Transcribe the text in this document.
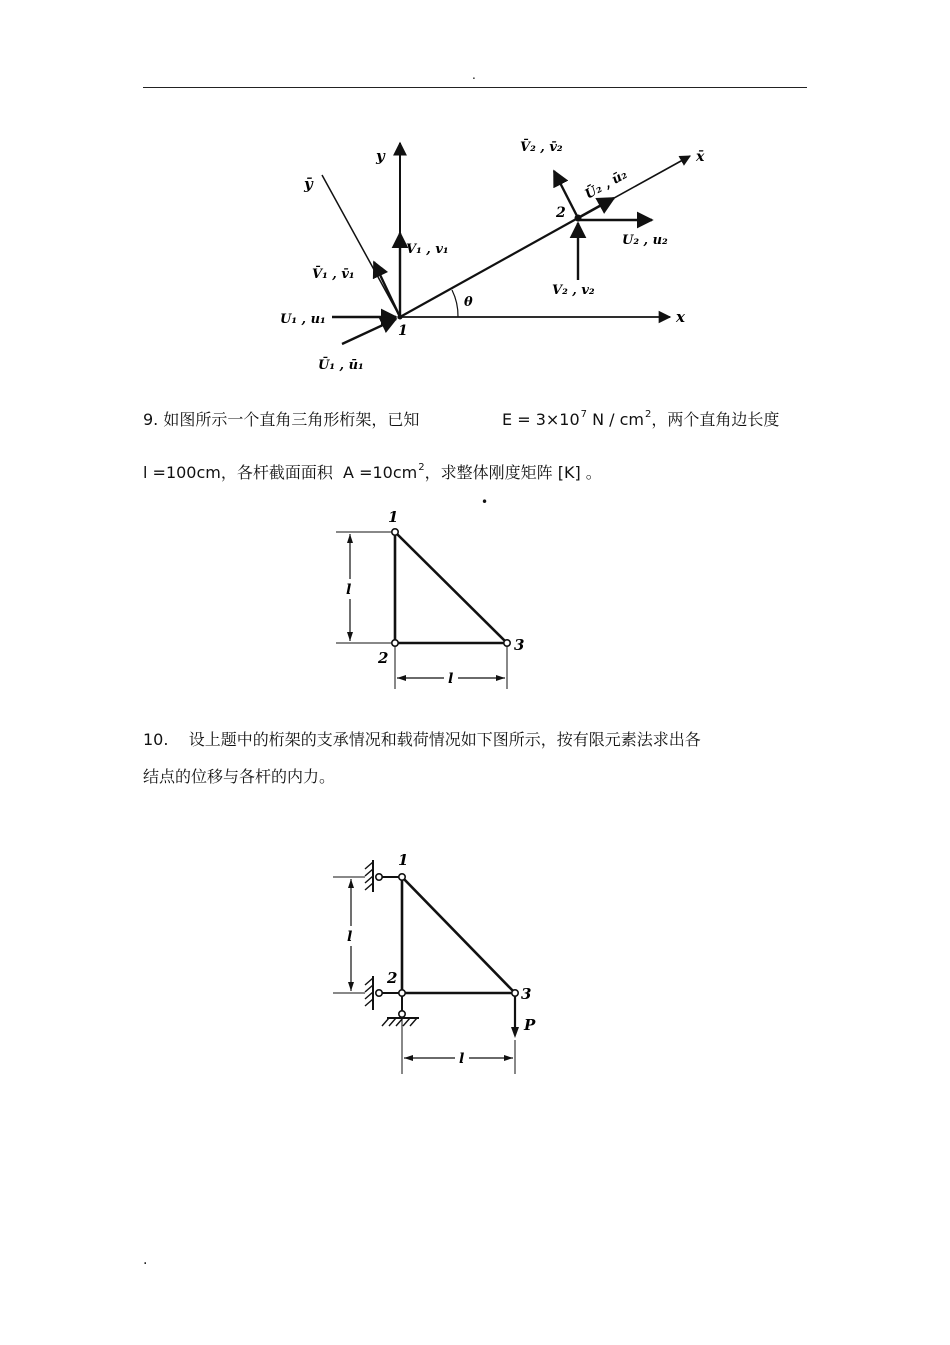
.
y
ȳ
x̄
x
V₁ , v₁
V̄₁ , v̄₁
U₁ , u₁
Ū₁ , ū₁
1
θ
V̄₂ , v̄₂
Ū₂ , ū₂
2
U₂ , u₂
V₂ , v₂
9. 如图所示一个直角三角形桁架，已知	$E = 3\times 10^7$ N / $cm^2$，两个直角边长度
l =100cm，各杆截面面积 $A =10cm^2$，求整体刚度矩阵 [K] 。
•
l
l
1
2
3
10. 设上题中的桁架的支承情况和载荷情况如下图所示，按有限元素法求出各
结点的位移与各杆的内力。
P
l
l
1
2
3
.
